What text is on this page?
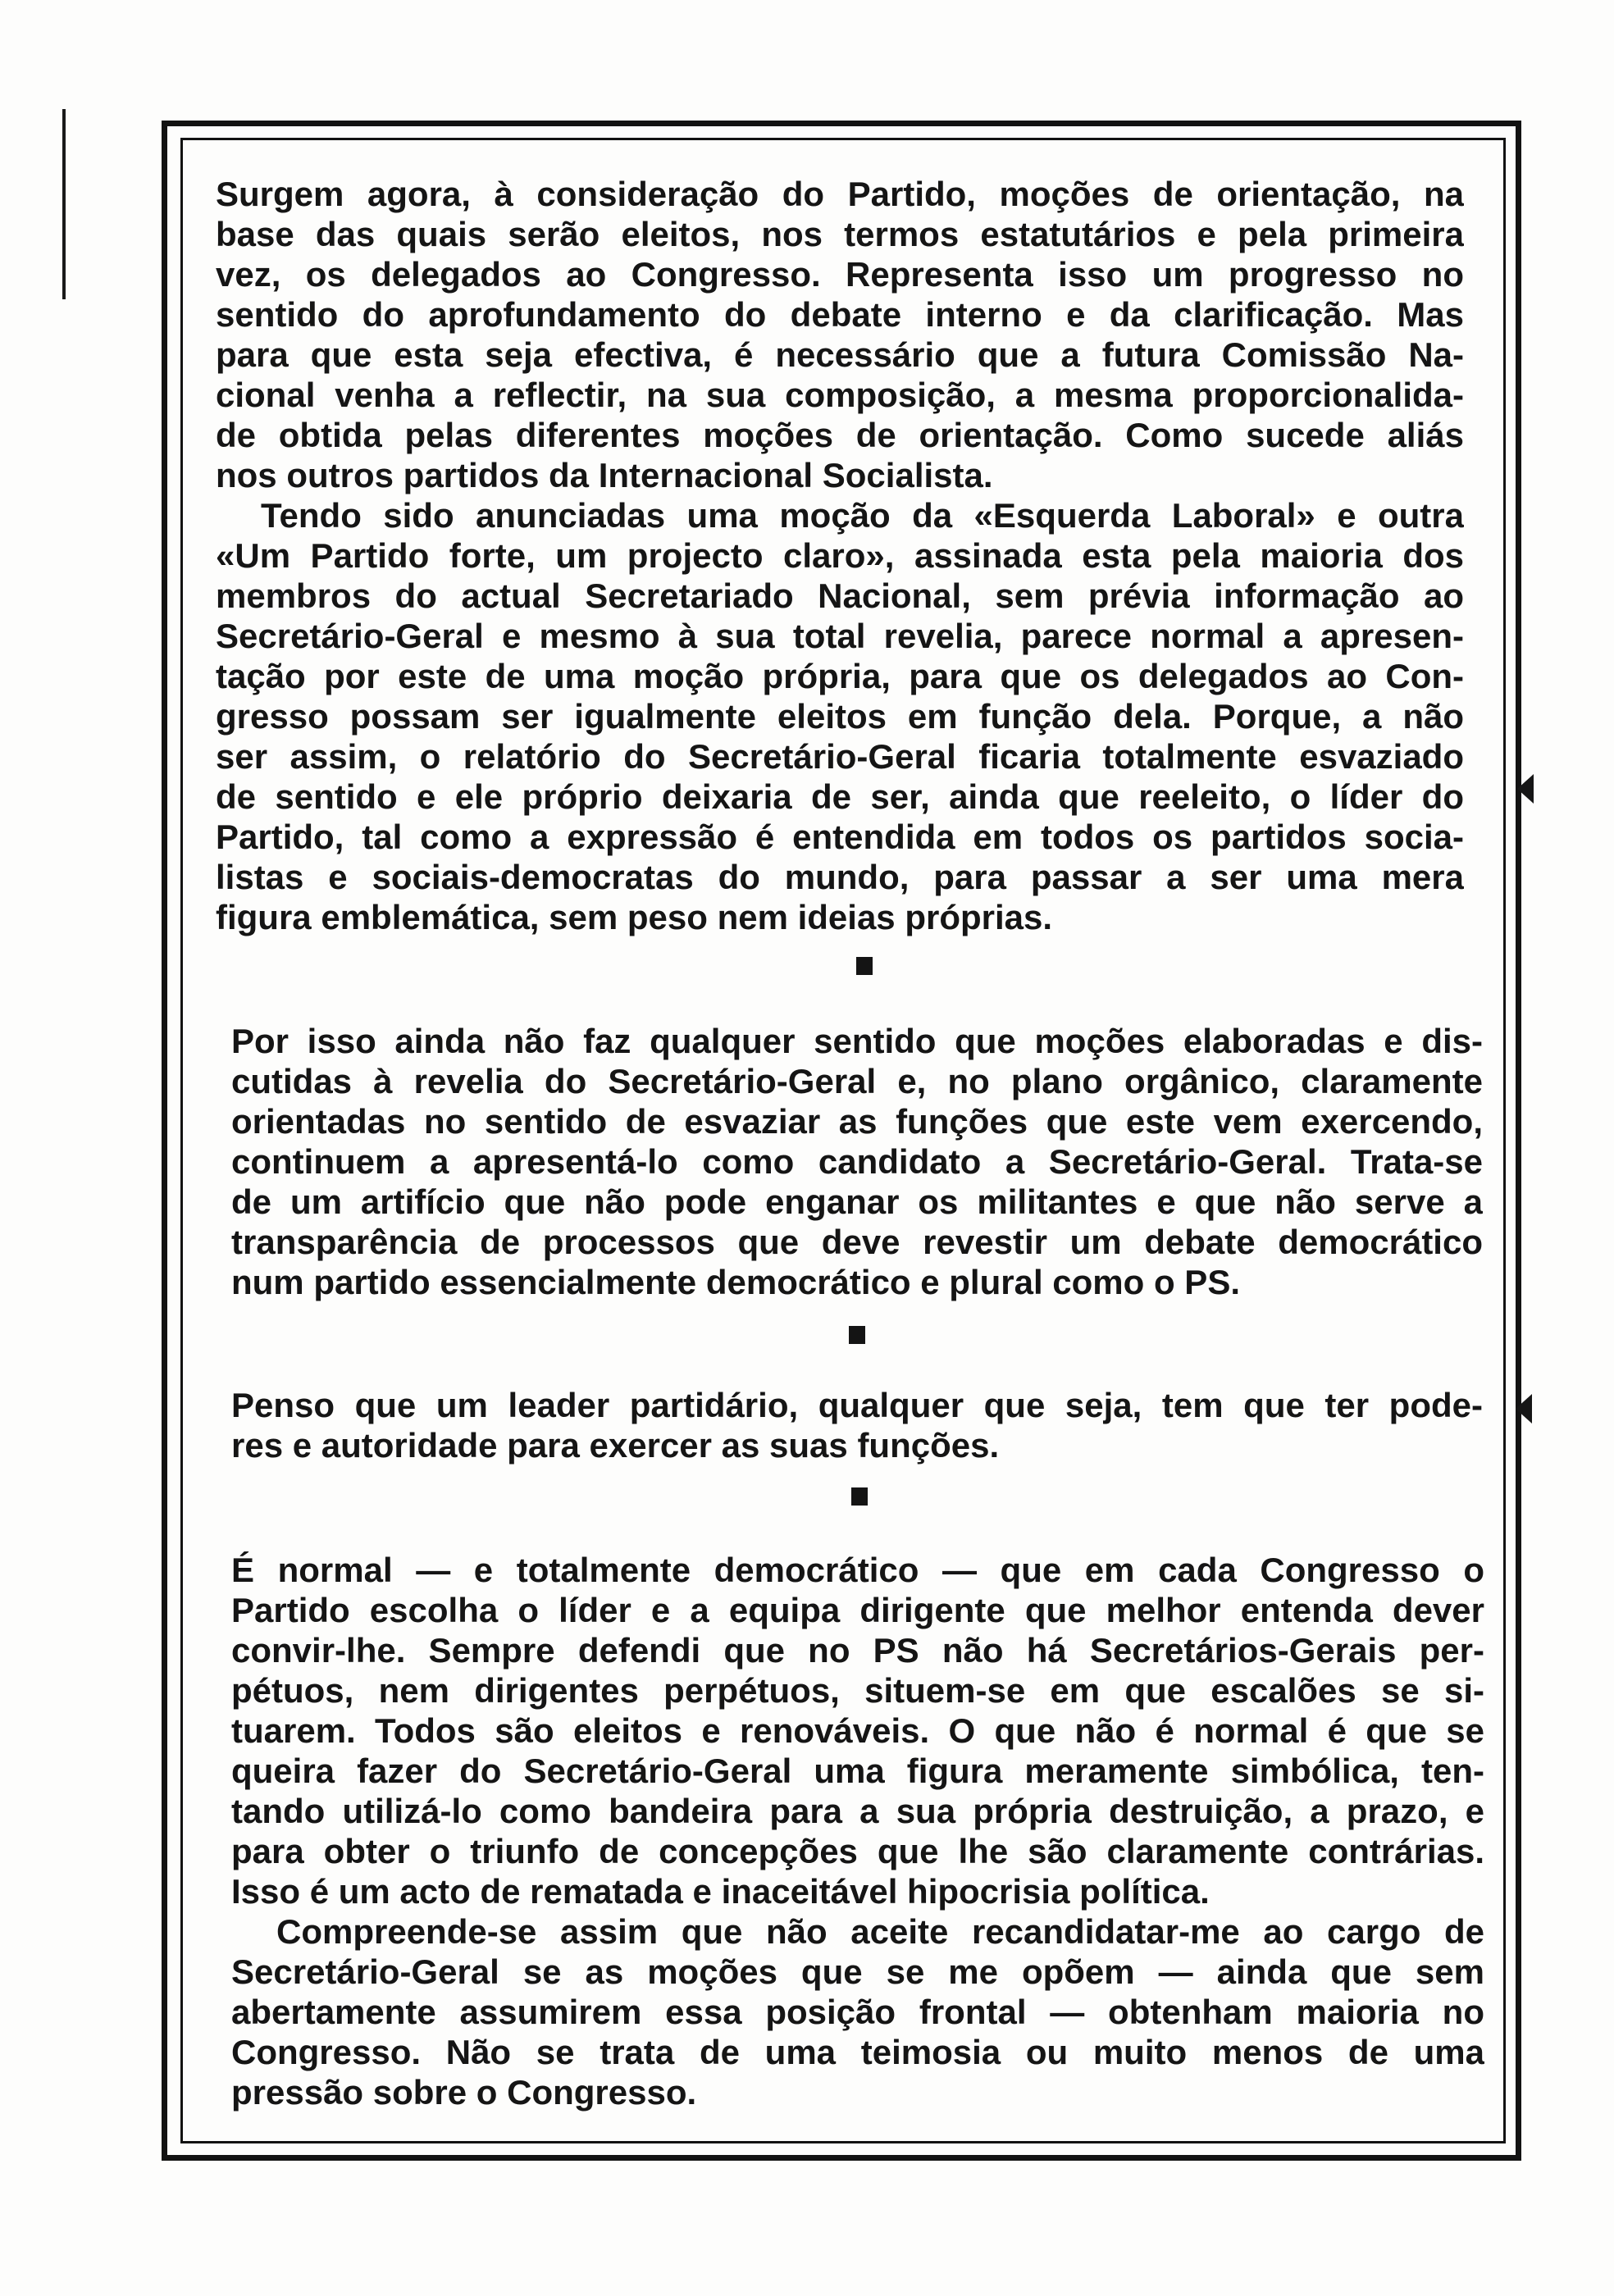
Surgem agora, à consideração do Partido, moções de orientação, na
base das quais serão eleitos, nos termos estatutários e pela primeira
vez, os delegados ao Congresso. Representa isso um progresso no
sentido do aprofundamento do debate interno e da clarificação. Mas
para que esta seja efectiva, é necessário que a futura Comissão Na-
cional venha a reflectir, na sua composição, a mesma proporcionalida-
de obtida pelas diferentes moções de orientação. Como sucede aliás
nos outros partidos da Internacional Socialista.
Tendo sido anunciadas uma moção da «Esquerda Laboral» e outra
«Um Partido forte, um projecto claro», assinada esta pela maioria dos
membros do actual Secretariado Nacional, sem prévia informação ao
Secretário-Geral e mesmo à sua total revelia, parece normal a apresen-
tação por este de uma moção própria, para que os delegados ao Con-
gresso possam ser igualmente eleitos em função dela. Porque, a não
ser assim, o relatório do Secretário-Geral ficaria totalmente esvaziado
de sentido e ele próprio deixaria de ser, ainda que reeleito, o líder do
Partido, tal como a expressão é entendida em todos os partidos socia-
listas e sociais-democratas do mundo, para passar a ser uma mera
figura emblemática, sem peso nem ideias próprias.
Por isso ainda não faz qualquer sentido que moções elaboradas e dis-
cutidas à revelia do Secretário-Geral e, no plano orgânico, claramente
orientadas no sentido de esvaziar as funções que este vem exercendo,
continuem a apresentá-lo como candidato a Secretário-Geral. Trata-se
de um artifício que não pode enganar os militantes e que não serve a
transparência de processos que deve revestir um debate democrático
num partido essencialmente democrático e plural como o PS.
Penso que um leader partidário, qualquer que seja, tem que ter pode-
res e autoridade para exercer as suas funções.
É normal — e totalmente democrático — que em cada Congresso o
Partido escolha o líder e a equipa dirigente que melhor entenda dever
convir-lhe. Sempre defendi que no PS não há Secretários-Gerais per-
pétuos, nem dirigentes perpétuos, situem-se em que escalões se si-
tuarem. Todos são eleitos e renováveis. O que não é normal é que se
queira fazer do Secretário-Geral uma figura meramente simbólica, ten-
tando utilizá-lo como bandeira para a sua própria destruição, a prazo, e
para obter o triunfo de concepções que lhe são claramente contrárias.
Isso é um acto de rematada e inaceitável hipocrisia política.
Compreende-se assim que não aceite recandidatar-me ao cargo de
Secretário-Geral se as moções que se me opõem — ainda que sem
abertamente assumirem essa posição frontal — obtenham maioria no
Congresso. Não se trata de uma teimosia ou muito menos de uma
pressão sobre o Congresso.
